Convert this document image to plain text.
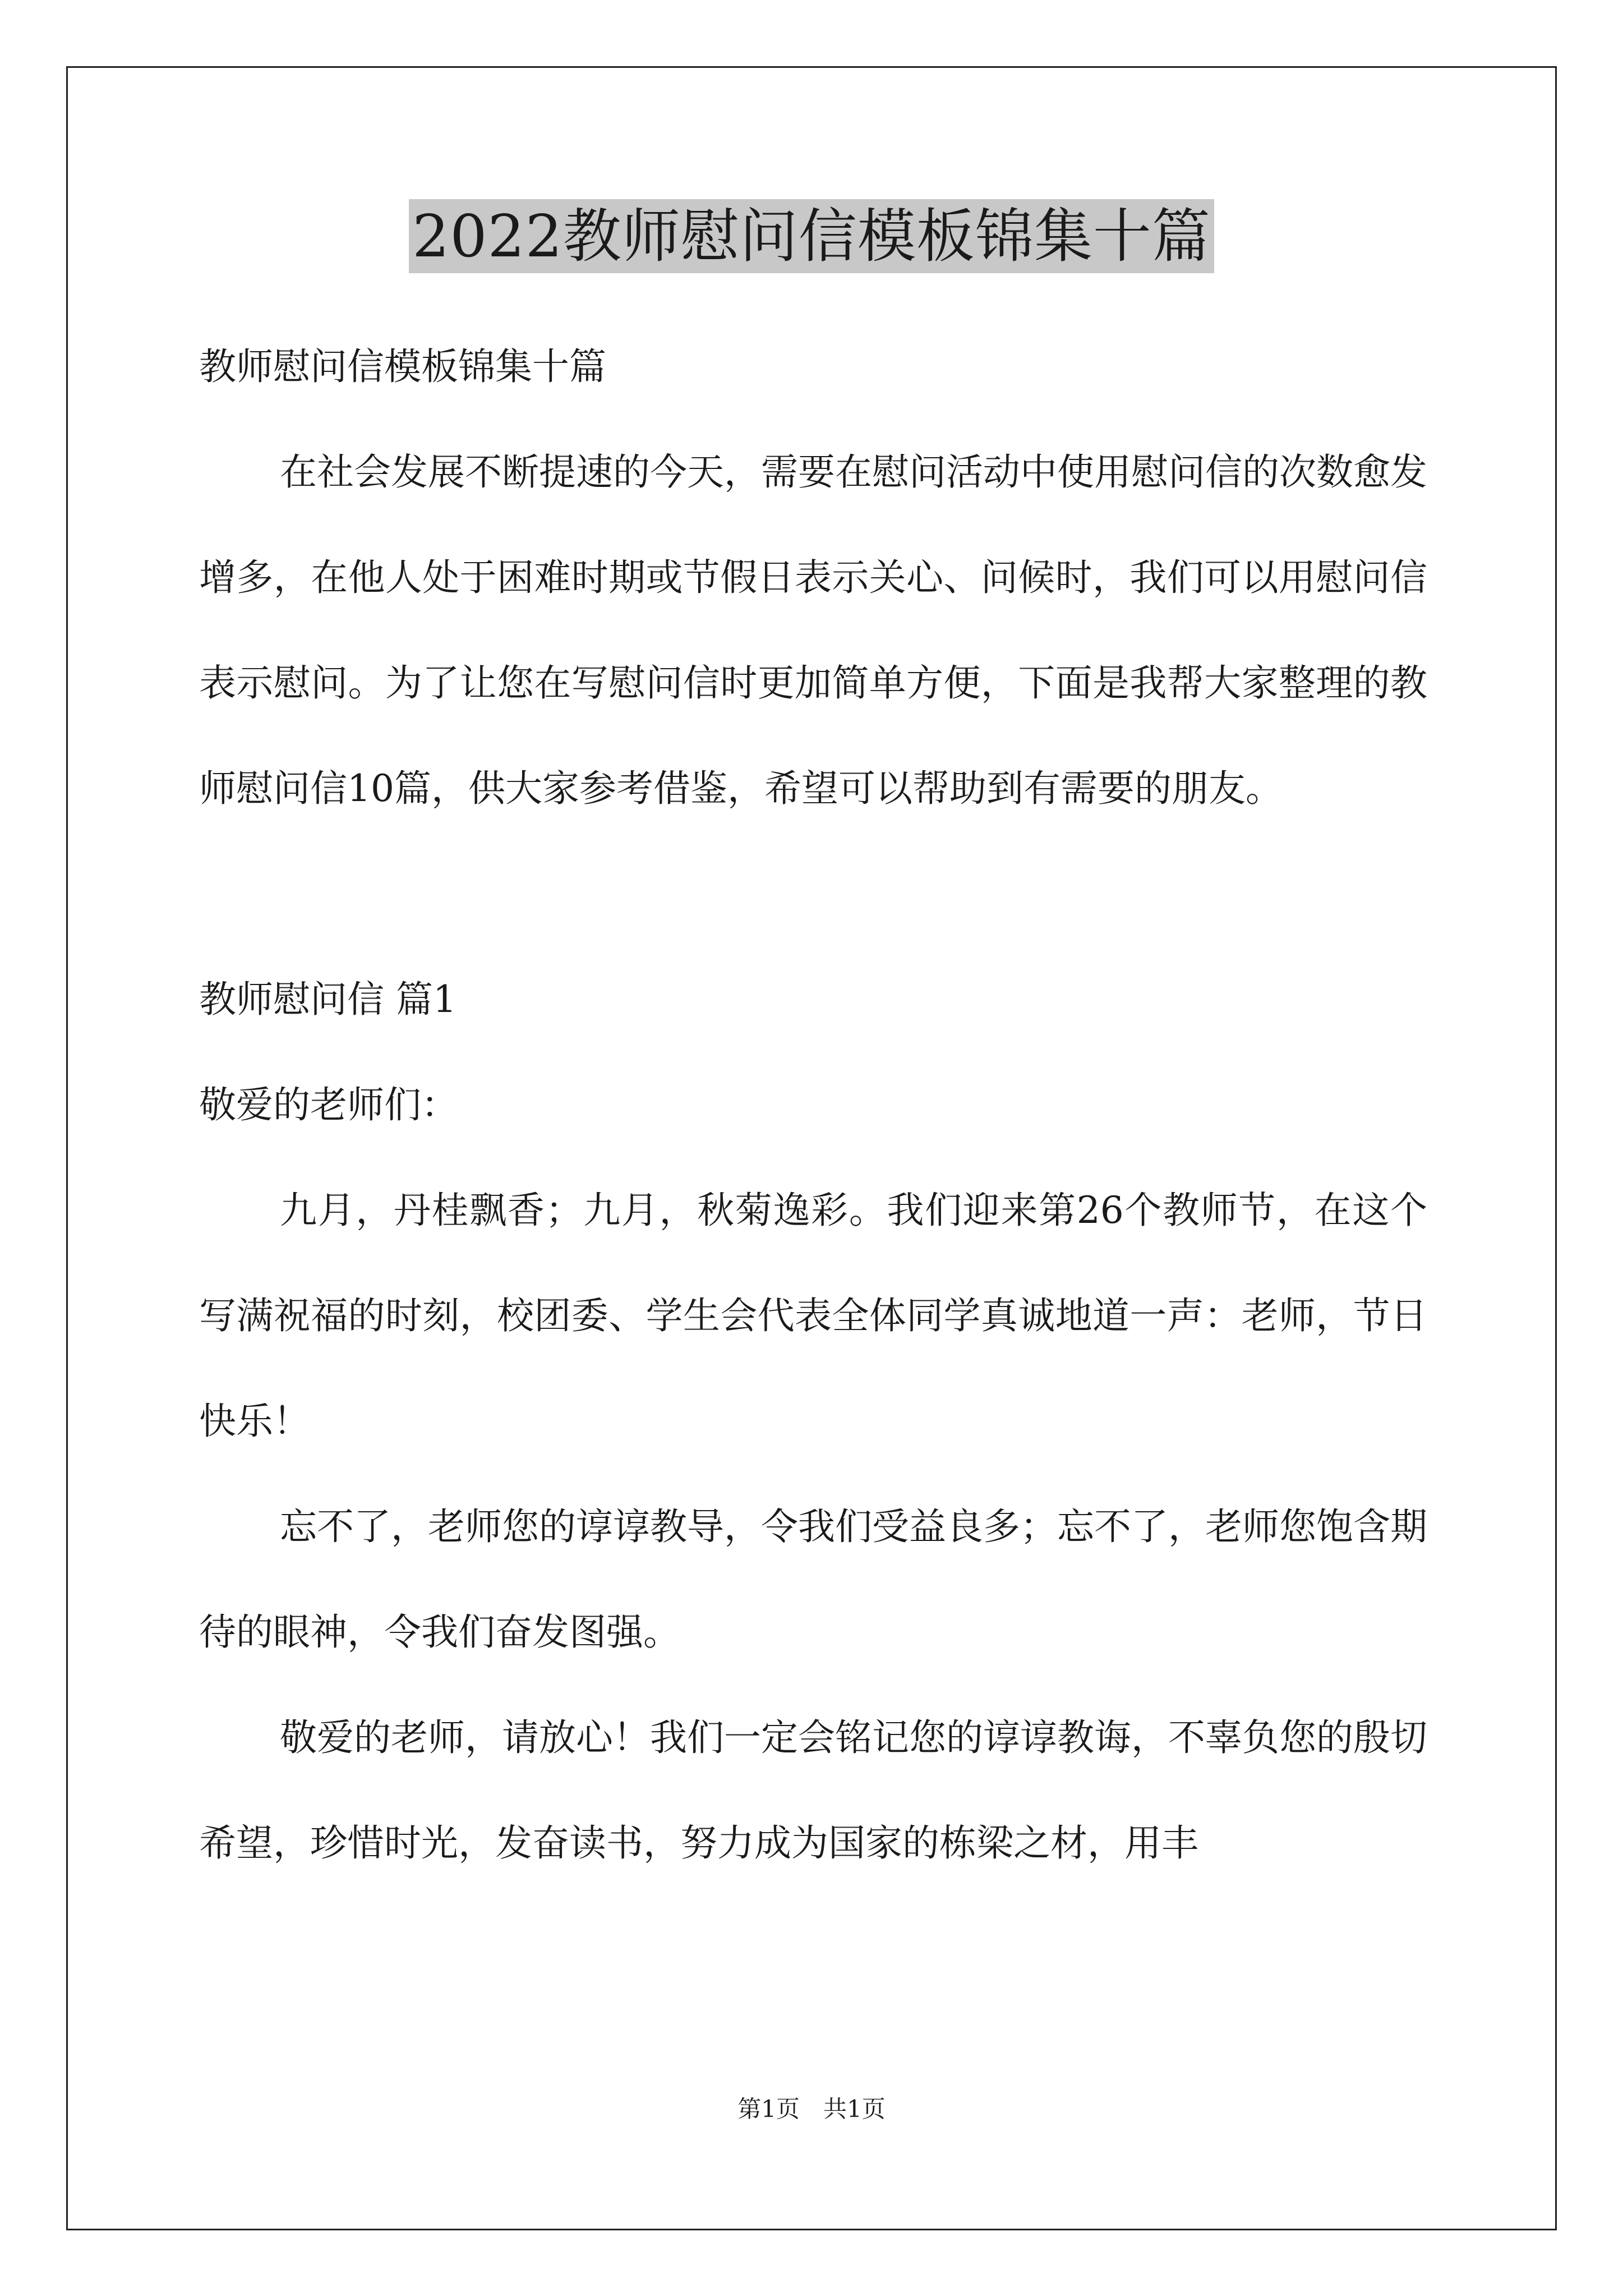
2022教师慰问信模板锦集十篇

教师慰问信模板锦集十篇

在社会发展不断提速的今天，需要在慰问活动中使用慰问信的次数愈发增多，在他人处于困难时期或节假日表示关心、问候时，我们可以用慰问信表示慰问。为了让您在写慰问信时更加简单方便，下面是我帮大家整理的教师慰问信10篇，供大家参考借鉴，希望可以帮助到有需要的朋友。

教师慰问信 篇1

敬爱的老师们：

九月，丹桂飘香；九月，秋菊逸彩。我们迎来第26个教师节，在这个写满祝福的时刻，校团委、学生会代表全体同学真诚地道一声：老师，节日快乐！

忘不了，老师您的谆谆教导，令我们受益良多；忘不了，老师您饱含期待的眼神，令我们奋发图强。

敬爱的老师，请放心！我们一定会铭记您的谆谆教诲，不辜负您的殷切希望，珍惜时光，发奋读书，努力成为国家的栋梁之材，用丰

第1页　共1页
